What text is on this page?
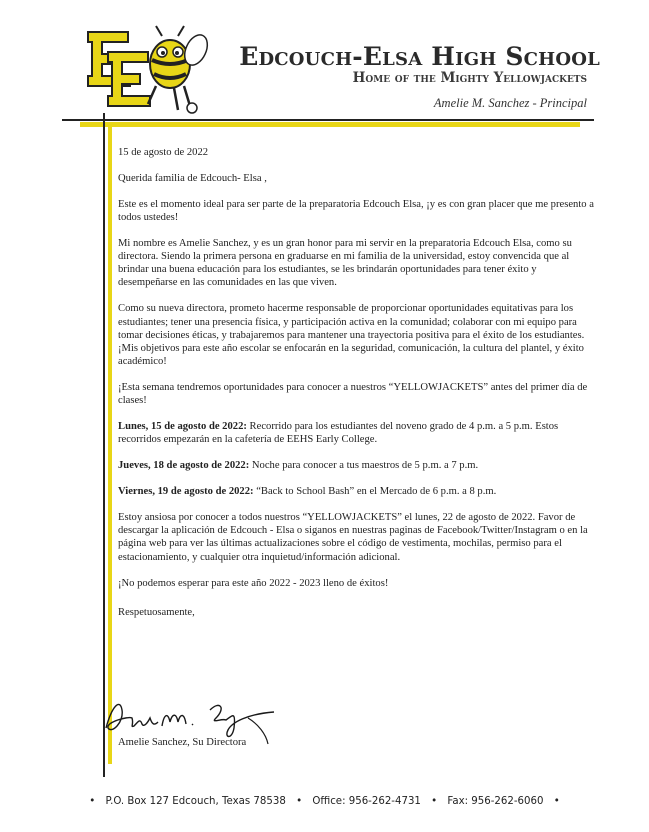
Edcouch-Elsa High School
Home of the Mighty Yellowjackets
Amelie M. Sanchez - Principal

15 de agosto de 2022

Querida familia de Edcouch- Elsa ,

Este es el momento ideal para ser parte de la preparatoria Edcouch Elsa, ¡y es con gran placer que me presento a todos ustedes!

Mi nombre es Amelie Sanchez, y es un gran honor para mi servir en la preparatoria Edcouch Elsa, como su directora. Siendo la primera persona en graduarse en mi familia de la universidad, estoy convencida que al brindar una buena educación para los estudiantes, se les brindarán oportunidades para tener éxito y desempeñarse en las comunidades en las que viven.

Como su nueva directora, prometo hacerme responsable de proporcionar oportunidades equitativas para los estudiantes; tener una presencia física, y participación activa en la comunidad; colaborar con mi equipo para tomar decisiones éticas, y trabajaremos para mantener una trayectoria positiva para el éxito de los estudiantes. ¡Mis objetivos para este año escolar se enfocarán en la seguridad, comunicación, la cultura del plantel, y éxito académico!

¡Esta semana tendremos oportunidades para conocer a nuestros “YELLOWJACKETS” antes del primer día de clases!

Lunes, 15 de agosto de 2022: Recorrido para los estudiantes del noveno grado de 4 p.m. a 5 p.m. Estos recorridos empezarán en la cafetería de EEHS Early College.

Jueves, 18 de agosto de 2022: Noche para conocer a tus maestros de 5 p.m. a 7 p.m.

Viernes, 19 de agosto de 2022: “Back to School Bash” en el Mercado de 6 p.m. a 8 p.m.

Estoy ansiosa por conocer a todos nuestros “YELLOWJACKETS” el lunes, 22 de agosto de 2022. Favor de descargar la aplicación de Edcouch - Elsa o siganos en nuestras paginas de Facebook/Twitter/Instagram o en la página web para ver las últimas actualizaciones sobre el código de vestimenta, mochilas, permiso para el estacionamiento, y cualquier otra inquietud/información adicional.

¡No podemos esperar para este año 2022 - 2023 lleno de éxitos!

Respetuosamente,

Amelie Sanchez, Su Directora
• P.O. Box 127 Edcouch, Texas 78538 • Office: 956-262-4731 • Fax: 956-262-6060 •
